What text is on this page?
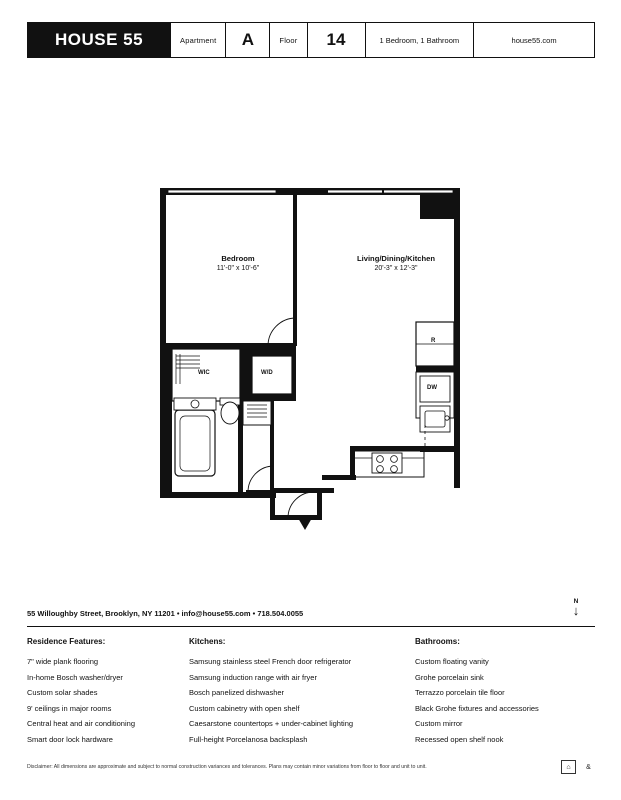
HOUSE 55	Apartment	A	Floor	14	1 Bedroom, 1 Bathroom	house55.com
Bedroom
11'-0" x 10'-6"
Living/Dining/Kitchen
20'-3" x 12'-3"
WIC	W/D
R
DW
55 Willoughby Street, Brooklyn, NY 11201 • info@house55.com • 718.504.0055
N
↓
Residence Features:
7" wide plank flooring
In-home Bosch washer/dryer
Custom solar shades
9' ceilings in major rooms
Central heat and air conditioning
Smart door lock hardware
Kitchens:
Samsung stainless steel French door refrigerator
Samsung induction range with air fryer
Bosch panelized dishwasher
Custom cabinetry with open shelf
Caesarstone countertops + under-cabinet lighting
Full-height Porcelanosa backsplash
Bathrooms:
Custom floating vanity
Grohe porcelain sink
Terrazzo porcelain tile floor
Black Grohe fixtures and accessories
Custom mirror
Recessed open shelf nook
Disclaimer: All dimensions are approximate and subject to normal construction variances and tolerances. Plans may contain minor variations from floor to floor and unit to unit.	⌂	&
